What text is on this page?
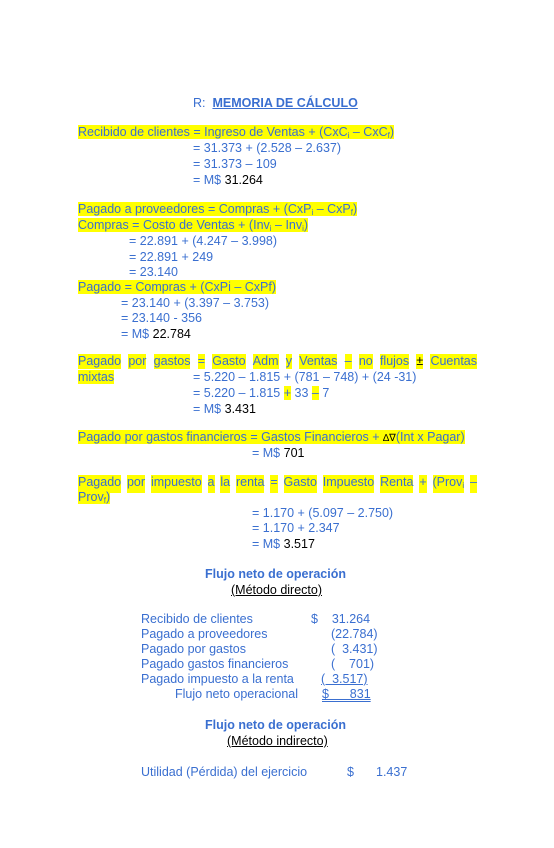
R: MEMORIA DE CÁLCULO
Recibido de clientes = Ingreso de Ventas + (CxC$_i$ – CxC$_f$)
= 31.373 + (2.528 – 2.637)
= 31.373 – 109
= M$ 31.264
Pagado a proveedores = Compras + (CxP$_i$ – CxP$_f$)
Compras = Costo de Ventas + (Inv$_i$ – Inv$_i$)
= 22.891 + (4.247 – 3.998)
= 22.891 + 249
= 23.140
Pagado = Compras + (CxPi – CxPf)
= 23.140 + (3.397 – 3.753)
= 23.140 - 356
= M$ 22.784
Pagado por gastos = Gasto Adm y Ventas – no flujos ± Cuentas
mixtas	= 5.220 – 1.815 + (781 – 748) + (24 -31)
= 5.220 – 1.815 + 33 – 7
= M$ 3.431
Pagado por gastos financieros = Gastos Financieros + ∆∇(Int x Pagar)
= M$ 701
Pagado por impuesto a la renta = Gasto Impuesto Renta + (Prov$_i$ –
Prov$_f$)
= 1.170 + (5.097 – 2.750)
= 1.170 + 2.347
= M$ 3.517
Flujo neto de operación
(Método directo)
Recibido de clientes	$    31.264
Pagado a proveedores	(22.784)
Pagado por gastos	(  3.431)
Pagado gastos financieros	(    701)
Pagado impuesto a la renta (  3.517)
Flujo neto operacional $      831
Flujo neto de operación
(Método indirecto)
Utilidad (Pérdida) del ejercicio	$ 1.437
